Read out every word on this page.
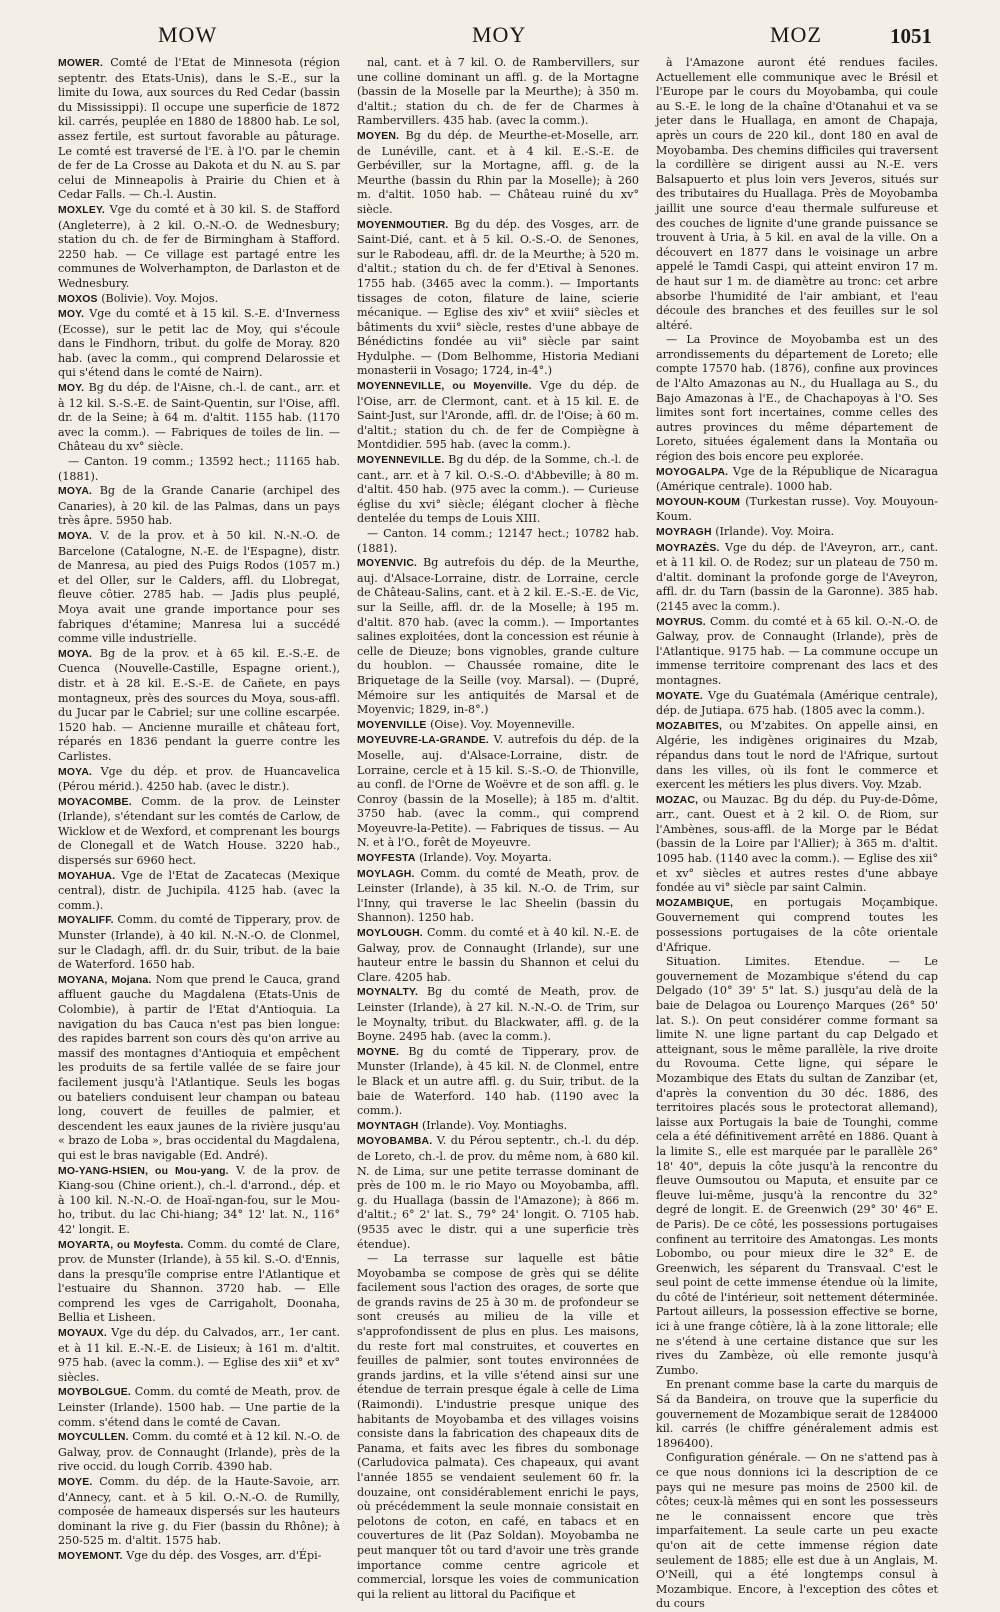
MOW	MOY	MOZ	1051

MOWER. Comté de l'Etat de Minnesota (région septentr. des Etats-Unis), dans le S.-E., sur la limite du Iowa, aux sources du Red Cedar (bassin du Mississippi). Il occupe une superficie de 1872 kil. carrés, peuplée en 1880 de 18800 hab. Le sol, assez fertile, est surtout favorable au pâturage. Le comté est traversé de l'E. à l'O. par le chemin de fer de La Crosse au Dakota et du N. au S. par celui de Minneapolis à Prairie du Chien et à Cedar Falls. — Ch.-l. Austin.

MOXLEY. Vge du comté et à 30 kil. S. de Stafford (Angleterre), à 2 kil. O.-N.-O. de Wednesbury; station du ch. de fer de Birmingham à Stafford. 2250 hab. — Ce village est partagé entre les communes de Wolverhampton, de Darlaston et de Wednesbury.

MOXOS (Bolivie). Voy. Mojos.

MOY. Vge du comté et à 15 kil. S.-E. d'Inverness (Ecosse), sur le petit lac de Moy, qui s'écoule dans le Findhorn, tribut. du golfe de Moray. 820 hab. (avec la comm., qui comprend Delarossie et qui s'étend dans le comté de Nairn).

MOY. Bg du dép. de l'Aisne, ch.-l. de cant., arr. et à 12 kil. S.-S.-E. de Saint-Quentin, sur l'Oise, affl. dr. de la Seine; à 64 m. d'altit. 1155 hab. (1170 avec la comm.). — Fabriques de toiles de lin. — Château du xv° siècle.

— Canton. 19 comm.; 13592 hect.; 11165 hab. (1881).

MOYA. Bg de la Grande Canarie (archipel des Canaries), à 20 kil. de las Palmas, dans un pays très âpre. 5950 hab.

MOYA. V. de la prov. et à 50 kil. N.-N.-O. de Barcelone (Catalogne, N.-E. de l'Espagne), distr. de Manresa, au pied des Puigs Rodos (1057 m.) et del Oller, sur le Calders, affl. du Llobregat, fleuve côtier. 2785 hab. — Jadis plus peuplé, Moya avait une grande importance pour ses fabriques d'étamine; Manresa lui a succédé comme ville industrielle.

MOYA. Bg de la prov. et à 65 kil. E.-S.-E. de Cuenca (Nouvelle-Castille, Espagne orient.), distr. et à 28 kil. E.-S.-E. de Cañete, en pays montagneux, près des sources du Moya, sous-affl. du Jucar par le Cabriel; sur une colline escarpée. 1520 hab. — Ancienne muraille et château fort, réparés en 1836 pendant la guerre contre les Carlistes.

MOYA. Vge du dép. et prov. de Huancavelica (Pérou mérid.). 4250 hab. (avec le distr.).

MOYACOMBE. Comm. de la prov. de Leinster (Irlande), s'étendant sur les comtés de Carlow, de Wicklow et de Wexford, et comprenant les bourgs de Clonegall et de Watch House. 3220 hab., dispersés sur 6960 hect.

MOYAHUA. Vge de l'Etat de Zacatecas (Mexique central), distr. de Juchipila. 4125 hab. (avec la comm.).

MOYALIFF. Comm. du comté de Tipperary, prov. de Munster (Irlande), à 40 kil. N.-N.-O. de Clonmel, sur le Cladagh, affl. dr. du Suir, tribut. de la baie de Waterford. 1650 hab.

MOYANA, Mojana. Nom que prend le Cauca, grand affluent gauche du Magdalena (Etats-Unis de Colombie), à partir de l'Etat d'Antioquia. La navigation du bas Cauca n'est pas bien longue: des rapides barrent son cours dès qu'on arrive au massif des montagnes d'Antioquia et empêchent les produits de sa fertile vallée de se faire jour facilement jusqu'à l'Atlantique. Seuls les bogas ou bateliers conduisent leur champan ou bateau long, couvert de feuilles de palmier, et descendent les eaux jaunes de la rivière jusqu'au « brazo de Loba », bras occidental du Magdalena, qui est le bras navigable (Ed. André).

MO-YANG-HSIEN, ou Mou-yang. V. de la prov. de Kiang-sou (Chine orient.), ch.-l. d'arrond., dép. et à 100 kil. N.-N.-O. de Hoaï-ngan-fou, sur le Mou-ho, tribut. du lac Chi-hiang; 34° 12' lat. N., 116° 42' longit. E.

MOYARTA, ou Moyfesta. Comm. du comté de Clare, prov. de Munster (Irlande), à 55 kil. S.-O. d'Ennis, dans la presqu'île comprise entre l'Atlantique et l'estuaire du Shannon. 3720 hab. — Elle comprend les vges de Carrigaholt, Doonaha, Bellia et Lisheen.

MOYAUX. Vge du dép. du Calvados, arr., 1er cant. et à 11 kil. E.-N.-E. de Lisieux; à 161 m. d'altit. 975 hab. (avec la comm.). — Eglise des xii° et xv° siècles.

MOYBOLGUE. Comm. du comté de Meath, prov. de Leinster (Irlande). 1500 hab. — Une partie de la comm. s'étend dans le comté de Cavan.

MOYCULLEN. Comm. du comté et à 12 kil. N.-O. de Galway, prov. de Connaught (Irlande), près de la rive occid. du lough Corrib. 4390 hab.

MOYE. Comm. du dép. de la Haute-Savoie, arr. d'Annecy, cant. et à 5 kil. O.-N.-O. de Rumilly, composée de hameaux dispersés sur les hauteurs dominant la rive g. du Fier (bassin du Rhône); à 250-525 m. d'altit. 1575 hab.

MOYEMONT. Vge du dép. des Vosges, arr. d'Épi-

nal, cant. et à 7 kil. O. de Rambervillers, sur une colline dominant un affl. g. de la Mortagne (bassin de la Moselle par la Meurthe); à 350 m. d'altit.; station du ch. de fer de Charmes à Rambervillers. 435 hab. (avec la comm.).

MOYEN. Bg du dép. de Meurthe-et-Moselle, arr. de Lunéville, cant. et à 4 kil. E.-S.-E. de Gerbéviller, sur la Mortagne, affl. g. de la Meurthe (bassin du Rhin par la Moselle); à 260 m. d'altit. 1050 hab. — Château ruiné du xv° siècle.

MOYENMOUTIER. Bg du dép. des Vosges, arr. de Saint-Dié, cant. et à 5 kil. O.-S.-O. de Senones, sur le Rabodeau, affl. dr. de la Meurthe; à 520 m. d'altit.; station du ch. de fer d'Etival à Senones. 1755 hab. (3465 avec la comm.). — Importants tissages de coton, filature de laine, scierie mécanique. — Eglise des xiv° et xviii° siècles et bâtiments du xvii° siècle, restes d'une abbaye de Bénédictins fondée au vii° siècle par saint Hydulphe. — (Dom Belhomme, Historia Mediani monasterii in Vosago; 1724, in-4°.)

MOYENNEVILLE, ou Moyenville. Vge du dép. de l'Oise, arr. de Clermont, cant. et à 15 kil. E. de Saint-Just, sur l'Aronde, affl. dr. de l'Oise; à 60 m. d'altit.; station du ch. de fer de Compiègne à Montdidier. 595 hab. (avec la comm.).

MOYENNEVILLE. Bg du dép. de la Somme, ch.-l. de cant., arr. et à 7 kil. O.-S.-O. d'Abbeville; à 80 m. d'altit. 450 hab. (975 avec la comm.). — Curieuse église du xvi° siècle; élégant clocher à flèche dentelée du temps de Louis XIII.

— Canton. 14 comm.; 12147 hect.; 10782 hab. (1881).

MOYENVIC. Bg autrefois du dép. de la Meurthe, auj. d'Alsace-Lorraine, distr. de Lorraine, cercle de Château-Salins, cant. et à 2 kil. E.-S.-E. de Vic, sur la Seille, affl. dr. de la Moselle; à 195 m. d'altit. 870 hab. (avec la comm.). — Importantes salines exploitées, dont la concession est réunie à celle de Dieuze; bons vignobles, grande culture du houblon. — Chaussée romaine, dite le Briquetage de la Seille (voy. Marsal). — (Dupré, Mémoire sur les antiquités de Marsal et de Moyenvic; 1829, in-8°.)

MOYENVILLE (Oise). Voy. Moyenneville.

MOYEUVRE-LA-GRANDE. V. autrefois du dép. de la Moselle, auj. d'Alsace-Lorraine, distr. de Lorraine, cercle et à 15 kil. S.-S.-O. de Thionville, au confl. de l'Orne de Woëvre et de son affl. g. le Conroy (bassin de la Moselle); à 185 m. d'altit. 3750 hab. (avec la comm., qui comprend Moyeuvre-la-Petite). — Fabriques de tissus. — Au N. et à l'O., forêt de Moyeuvre.

MOYFESTA (Irlande). Voy. Moyarta.

MOYLAGH. Comm. du comté de Meath, prov. de Leinster (Irlande), à 35 kil. N.-O. de Trim, sur l'Inny, qui traverse le lac Sheelin (bassin du Shannon). 1250 hab.

MOYLOUGH. Comm. du comté et à 40 kil. N.-E. de Galway, prov. de Connaught (Irlande), sur une hauteur entre le bassin du Shannon et celui du Clare. 4205 hab.

MOYNALTY. Bg du comté de Meath, prov. de Leinster (Irlande), à 27 kil. N.-N.-O. de Trim, sur le Moynalty, tribut. du Blackwater, affl. g. de la Boyne. 2495 hab. (avec la comm.).

MOYNE. Bg du comté de Tipperary, prov. de Munster (Irlande), à 45 kil. N. de Clonmel, entre le Black et un autre affl. g. du Suir, tribut. de la baie de Waterford. 140 hab. (1190 avec la comm.).

MOYNTAGH (Irlande). Voy. Montiaghs.

MOYOBAMBA. V. du Pérou septentr., ch.-l. du dép. de Loreto, ch.-l. de prov. du même nom, à 680 kil. N. de Lima, sur une petite terrasse dominant de près de 100 m. le rio Mayo ou Moyobamba, affl. g. du Huallaga (bassin de l'Amazone); à 866 m. d'altit.; 6° 2' lat. S., 79° 24' longit. O. 7105 hab. (9535 avec le distr. qui a une superficie très étendue).

— La terrasse sur laquelle est bâtie Moyobamba se compose de grès qui se délite facilement sous l'action des orages, de sorte que de grands ravins de 25 à 30 m. de profondeur se sont creusés au milieu de la ville et s'approfondissent de plus en plus. Les maisons, du reste fort mal construites, et couvertes en feuilles de palmier, sont toutes environnées de grands jardins, et la ville s'étend ainsi sur une étendue de terrain presque égale à celle de Lima (Raimondi). L'industrie presque unique des habitants de Moyobamba et des villages voisins consiste dans la fabrication des chapeaux dits de Panama, et faits avec les fibres du sombonage (Carludovica palmata). Ces chapeaux, qui avant l'année 1855 se vendaient seulement 60 fr. la douzaine, ont considérablement enrichi le pays, où précédemment la seule monnaie consistait en pelotons de coton, en café, en tabacs et en couvertures de lit (Paz Soldan). Moyobamba ne peut manquer tôt ou tard d'avoir une très grande importance comme centre agricole et commercial, lorsque les voies de communication qui la relient au littoral du Pacifique et

à l'Amazone auront été rendues faciles. Actuellement elle communique avec le Brésil et l'Europe par le cours du Moyobamba, qui coule au S.-E. le long de la chaîne d'Otanahui et va se jeter dans le Huallaga, en amont de Chapaja, après un cours de 220 kil., dont 180 en aval de Moyobamba. Des chemins difficiles qui traversent la cordillère se dirigent aussi au N.-E. vers Balsapuerto et plus loin vers Jeveros, situés sur des tributaires du Huallaga. Près de Moyobamba jaillit une source d'eau thermale sulfureuse et des couches de lignite d'une grande puissance se trouvent à Uria, à 5 kil. en aval de la ville. On a découvert en 1877 dans le voisinage un arbre appelé le Tamdi Caspi, qui atteint environ 17 m. de haut sur 1 m. de diamètre au tronc: cet arbre absorbe l'humidité de l'air ambiant, et l'eau découle des branches et des feuilles sur le sol altéré.

— La Province de Moyobamba est un des arrondissements du département de Loreto; elle compte 17570 hab. (1876), confine aux provinces de l'Alto Amazonas au N., du Huallaga au S., du Bajo Amazonas à l'E., de Chachapoyas à l'O. Ses limites sont fort incertaines, comme celles des autres provinces du même département de Loreto, situées également dans la Montaña ou région des bois encore peu explorée.

MOYOGALPA. Vge de la République de Nicaragua (Amérique centrale). 1000 hab.

MOYOUN-KOUM (Turkestan russe). Voy. Mouyoun-Koum.

MOYRAGH (Irlande). Voy. Moira.

MOYRAZÈS. Vge du dép. de l'Aveyron, arr., cant. et à 11 kil. O. de Rodez; sur un plateau de 750 m. d'altit. dominant la profonde gorge de l'Aveyron, affl. dr. du Tarn (bassin de la Garonne). 385 hab. (2145 avec la comm.).

MOYRUS. Comm. du comté et à 65 kil. O.-N.-O. de Galway, prov. de Connaught (Irlande), près de l'Atlantique. 9175 hab. — La commune occupe un immense territoire comprenant des lacs et des montagnes.

MOYATE. Vge du Guatémala (Amérique centrale), dép. de Jutiapa. 675 hab. (1805 avec la comm.).

MOZABITES, ou M'zabites. On appelle ainsi, en Algérie, les indigènes originaires du Mzab, répandus dans tout le nord de l'Afrique, surtout dans les villes, où ils font le commerce et exercent les métiers les plus divers. Voy. Mzab.

MOZAC, ou Mauzac. Bg du dép. du Puy-de-Dôme, arr., cant. Ouest et à 2 kil. O. de Riom, sur l'Ambènes, sous-affl. de la Morge par le Bédat (bassin de la Loire par l'Allier); à 365 m. d'altit. 1095 hab. (1140 avec la comm.). — Eglise des xii° et xv° siècles et autres restes d'une abbaye fondée au vi° siècle par saint Calmin.

MOZAMBIQUE, en portugais Moçambique. Gouvernement qui comprend toutes les possessions portugaises de la côte orientale d'Afrique.

Situation. Limites. Etendue. — Le gouvernement de Mozambique s'étend du cap Delgado (10° 39' 5" lat. S.) jusqu'au delà de la baie de Delagoa ou Lourenço Marques (26° 50' lat. S.). On peut considérer comme formant sa limite N. une ligne partant du cap Delgado et atteignant, sous le même parallèle, la rive droite du Rovouma. Cette ligne, qui sépare le Mozambique des Etats du sultan de Zanzibar (et, d'après la convention du 30 déc. 1886, des territoires placés sous le protectorat allemand), laisse aux Portugais la baie de Tounghi, comme cela a été définitivement arrêté en 1886. Quant à la limite S., elle est marquée par le parallèle 26° 18' 40", depuis la côte jusqu'à la rencontre du fleuve Oumsoutou ou Maputa, et ensuite par ce fleuve lui-même, jusqu'à la rencontre du 32° degré de longit. E. de Greenwich (29° 30' 46" E. de Paris). De ce côté, les possessions portugaises confinent au territoire des Amatongas. Les monts Lobombo, ou pour mieux dire le 32° E. de Greenwich, les séparent du Transvaal. C'est le seul point de cette immense étendue où la limite, du côté de l'intérieur, soit nettement déterminée. Partout ailleurs, la possession effective se borne, ici à une frange côtière, là à la zone littorale; elle ne s'étend à une certaine distance que sur les rives du Zambèze, où elle remonte jusqu'à Zumbo.

En prenant comme base la carte du marquis de Sá da Bandeira, on trouve que la superficie du gouvernement de Mozambique serait de 1284000 kil. carrés (le chiffre généralement admis est 1896400).

Configuration générale. — On ne s'attend pas à ce que nous donnions ici la description de ce pays qui ne mesure pas moins de 2500 kil. de côtes; ceux-là mêmes qui en sont les possesseurs ne le connaissent encore que très imparfaitement. La seule carte un peu exacte qu'on ait de cette immense région date seulement de 1885; elle est due à un Anglais, M. O'Neill, qui a été longtemps consul à Mozambique. Encore, à l'exception des côtes et du cours
